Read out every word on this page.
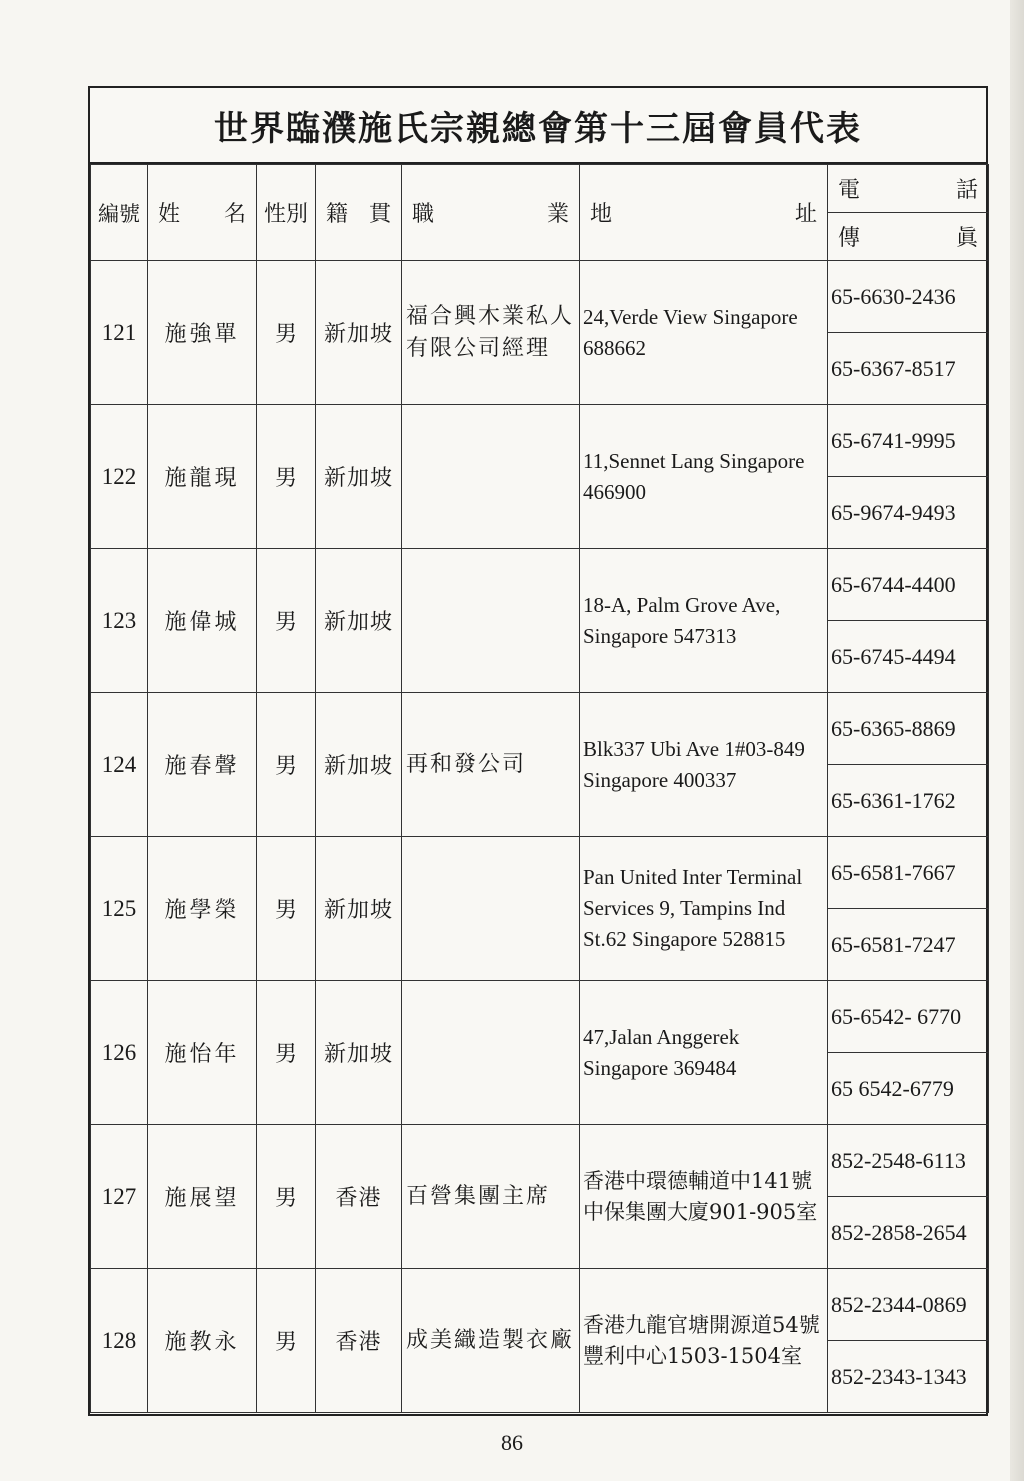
世界臨濮施氏宗親總會第十三屆會員代表
編號	姓 名	性別	籍 貫	職 業	地 址	電 話

						傳 眞

121	施強單	男	新加坡	福合興木業私人有限公司經理	24,Verde View Singapore 688662	65-6630-2436
						65-6367-8517
122	施龍現	男	新加坡		11,Sennet Lang Singapore 466900	65-6741-9995
						65-9674-9493
123	施偉城	男	新加坡		18-A, Palm Grove Ave, Singapore 547313	65-6744-4400
						65-6745-4494
124	施春聲	男	新加坡	再和發公司	Blk337 Ubi Ave 1#03-849 Singapore 400337	65-6365-8869
						65-6361-1762
125	施學榮	男	新加坡		Pan United Inter Terminal Services 9, Tampins Ind St.62 Singapore 528815	65-6581-7667
						65-6581-7247
126	施怡年	男	新加坡		47,Jalan Anggerek Singapore 369484	65-6542- 6770
						65 6542-6779
127	施展望	男	香港	百營集團主席	香港中環德輔道中141號 中保集團大廈901-905室	852-2548-6113
						852-2858-2654
128	施教永	男	香港	成美織造製衣廠	香港九龍官塘開源道54號 豐利中心1503-1504室	852-2344-0869
						852-2343-1343
86
